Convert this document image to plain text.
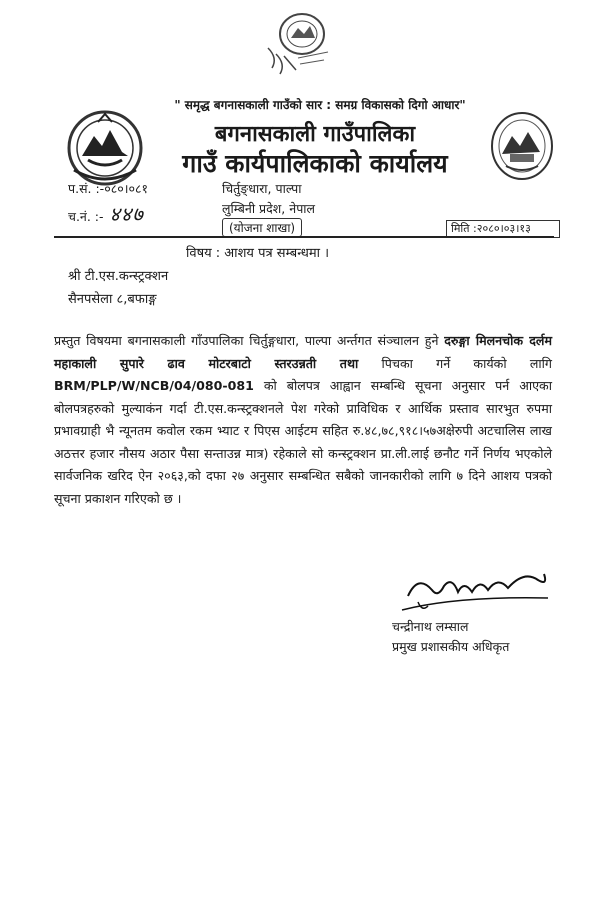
" समृद्ध बगनासकाली गाउँको सार : समग्र विकासको दिगो आधार"
बगनासकाली गाउँपालिका
गाउँ कार्यपालिकाको कार्यालय
प.सं. :-०८०।०८१
च.नं. :- ४४७
चिर्तुङ्धारा, पाल्पा
लुम्बिनी प्रदेश, नेपाल
(योजना शाखा)	मिति :२०८०।०३।१३
विषय : आशय पत्र सम्बन्धमा ।
श्री टी.एस.कन्स्ट्रक्शन
सैनपसेला ८,बफाङ्ग
प्रस्तुत विषयमा बगनासकाली गाँउपालिका चिर्तुङ्गधारा, पाल्पा अर्न्तगत संञ्चालन हुने दरुङ्गा मिलनचोक दर्लम महाकाली सुपारे ढाव मोटरबाटो स्तरउन्नती तथा पिचका गर्ने कार्यको लागि BRM/PLP/W/NCB/04/080-081 को बोलपत्र आह्वान सम्बन्धि सूचना अनुसार पर्न आएका बोलपत्रहरुको मुल्याकंन गर्दा टी.एस.कन्स्ट्रक्शनले पेश गरेको प्राविधिक र आर्थिक प्रस्ताव सारभुत रुपमा प्रभावग्राही भै न्यूनतम कवोल रकम भ्याट र पिएस आईटम सहित रु.४८,७८,९१८।५७अक्षेरुपी अटचालिस लाख अठत्तर हजार नौसय अठार पैसा सन्ताउन्न मात्र) रहेकाले सो कन्स्ट्रक्शन प्रा.ली.लाई छनौट गर्ने निर्णय भएकोले सार्वजनिक खरिद ऐन २०६३,को दफा २७ अनुसार सम्बन्धित सबैको जानकारीको लागि ७ दिने आशय पत्रको सूचना प्रकाशन गरिएको छ ।
चन्द्रीनाथ लम्साल
प्रमुख प्रशासकीय अधिकृत
